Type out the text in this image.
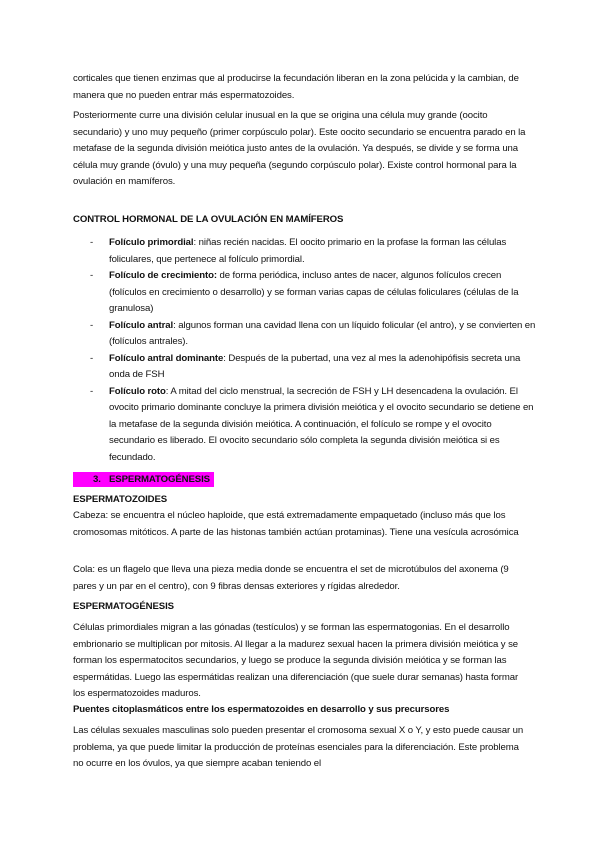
corticales que tienen enzimas que al producirse la fecundación liberan en la zona pelúcida y la cambian, de manera que no pueden entrar más espermatozoides.

Posteriormente curre una división celular inusual en la que se origina una célula muy grande (oocito secundario) y uno muy pequeño (primer corpúsculo polar). Este oocito secundario se encuentra parado en la metafase de la segunda división meiótica justo antes de la ovulación. Ya después, se divide y se forma una célula muy grande (óvulo) y una muy pequeña (segundo corpúsculo polar). Existe control hormonal para la ovulación en mamíferos.

CONTROL HORMONAL DE LA OVULACIÓN EN MAMÍFEROS

- Folículo primordial: niñas recién nacidas. El oocito primario en la profase la forman las células foliculares, que pertenece al folículo primordial.
- Folículo de crecimiento: de forma periódica, incluso antes de nacer, algunos folículos crecen (folículos en crecimiento o desarrollo) y se forman varias capas de células foliculares (células de la granulosa)
- Folículo antral: algunos forman una cavidad llena con un líquido folicular (el antro), y se convierten en (folículos antrales).
- Folículo antral dominante: Después de la pubertad, una vez al mes la adenohipófisis secreta una onda de FSH
- Folículo roto: A mitad del ciclo menstrual, la secreción de FSH y LH desencadena la ovulación. El ovocito primario dominante concluye la primera división meiótica y el ovocito secundario se detiene en la metafase de la segunda división meiótica. A continuación, el folículo se rompe y el ovocito secundario es liberado. El ovocito secundario sólo completa la segunda división meiótica si es fecundado.
3. ESPERMATOGÉNESIS

ESPERMATOZOIDES

Cabeza: se encuentra el núcleo haploide, que está extremadamente empaquetado (incluso más que los cromosomas mitóticos. A parte de las histonas también actúan protaminas). Tiene una vesícula acrosómica

Cola: es un flagelo que lleva una pieza media donde se encuentra el set de microtúbulos del axonema (9 pares y un par en el centro), con 9 fibras densas exteriores y rígidas alrededor.

ESPERMATOGÉNESIS

Células primordiales migran a las gónadas (testículos) y se forman las espermatogonias. En el desarrollo embrionario se multiplican por mitosis. Al llegar a la madurez sexual hacen la primera división meiótica y se forman los espermatocitos secundarios, y luego se produce la segunda división meiótica y se forman las espermátidas. Luego las espermátidas realizan una diferenciación (que suele durar semanas) hasta formar los espermatozoides maduros.

Puentes citoplasmáticos entre los espermatozoides en desarrollo y sus precursores

Las células sexuales masculinas solo pueden presentar el cromosoma sexual X o Y, y esto puede causar un problema, ya que puede limitar la producción de proteínas esenciales para la diferenciación. Este problema no ocurre en los óvulos, ya que siempre acaban teniendo el
